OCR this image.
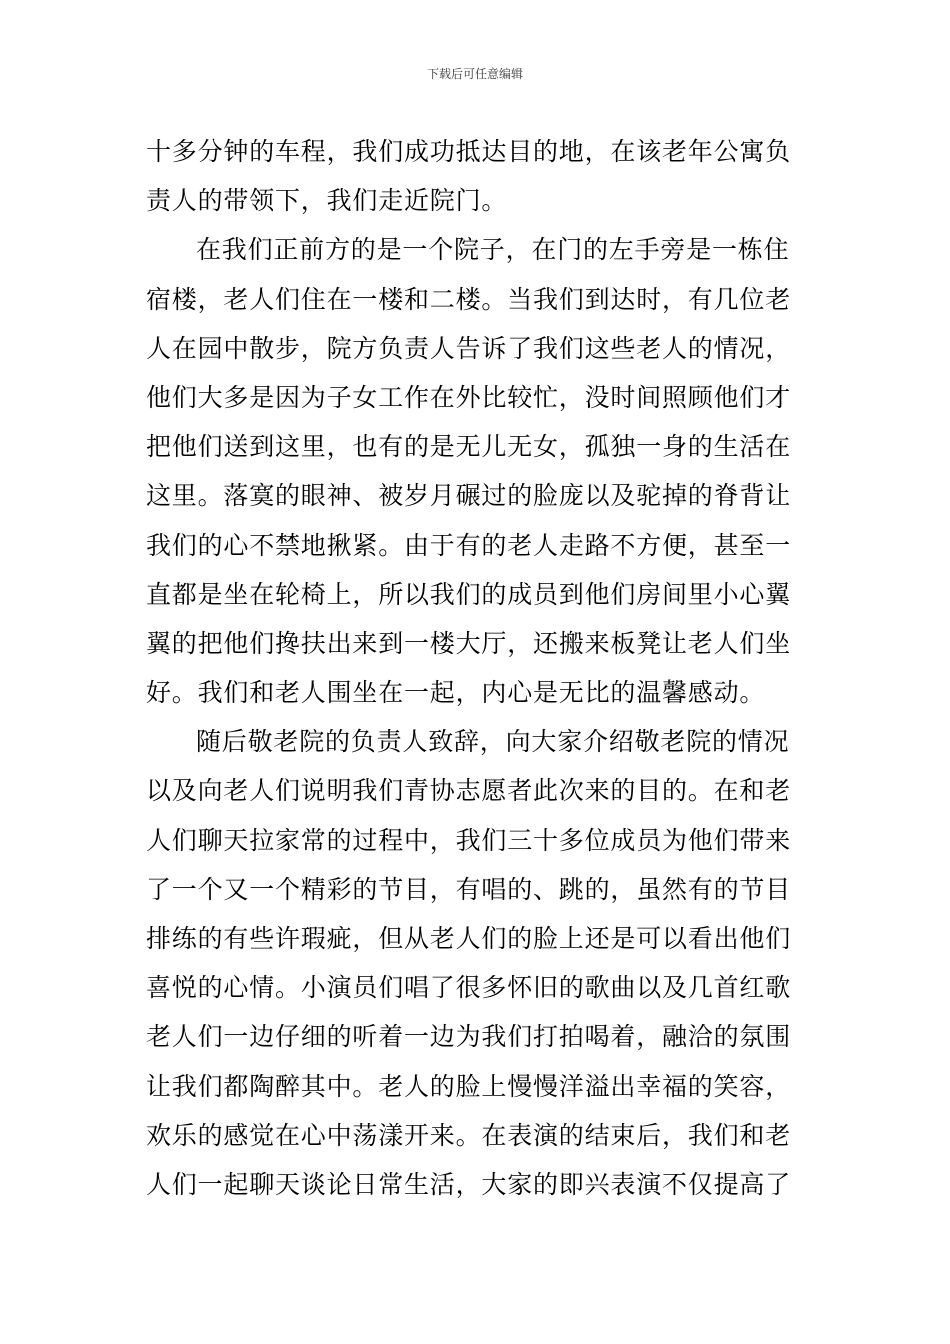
下载后可任意编辑
十多分钟的车程，我们成功抵达目的地，在该老年公寓负
责人的带领下，我们走近院门。
在我们正前方的是一个院子，在门的左手旁是一栋住
宿楼，老人们住在一楼和二楼。当我们到达时，有几位老
人在园中散步，院方负责人告诉了我们这些老人的情况，
他们大多是因为子女工作在外比较忙，没时间照顾他们才
把他们送到这里，也有的是无儿无女，孤独一身的生活在
这里。落寞的眼神、被岁月碾过的脸庞以及驼掉的脊背让
我们的心不禁地揪紧。由于有的老人走路不方便，甚至一
直都是坐在轮椅上，所以我们的成员到他们房间里小心翼
翼的把他们搀扶出来到一楼大厅，还搬来板凳让老人们坐
好。我们和老人围坐在一起，内心是无比的温馨感动。
随后敬老院的负责人致辞，向大家介绍敬老院的情况
以及向老人们说明我们青协志愿者此次来的目的。在和老
人们聊天拉家常的过程中，我们三十多位成员为他们带来
了一个又一个精彩的节目，有唱的、跳的，虽然有的节目
排练的有些许瑕疵，但从老人们的脸上还是可以看出他们
喜悦的心情。小演员们唱了很多怀旧的歌曲以及几首红歌
老人们一边仔细的听着一边为我们打拍喝着，融洽的氛围
让我们都陶醉其中。老人的脸上慢慢洋溢出幸福的笑容，
欢乐的感觉在心中荡漾开来。在表演的结束后，我们和老
人们一起聊天谈论日常生活，大家的即兴表演不仅提高了
